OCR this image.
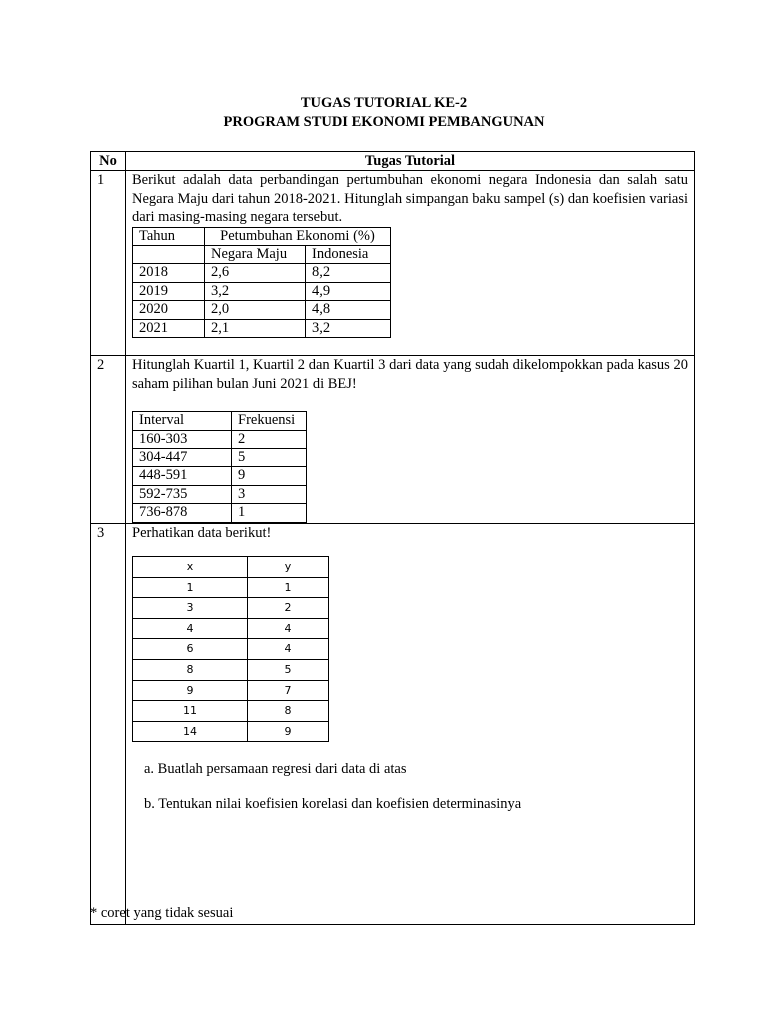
TUGAS TUTORIAL KE-2
PROGRAM STUDI EKONOMI PEMBANGUNAN
No	Tugas Tutorial
1	Berikut adalah data perbandingan pertumbuhan ekonomi negara Indonesia dan salah satu Negara Maju dari tahun 2018-2021. Hitunglah simpangan baku sampel (s) dan koefisien variasi dari masing-masing negara tersebut.

Tahun	Petumbuhan Ekonomi (%)
	Negara Maju	Indonesia
2018	2,6	8,2
2019	3,2	4,9
2020	2,0	4,8
2021	2,1	3,2

2	Hitunglah Kuartil 1, Kuartil 2 dan Kuartil 3 dari data yang sudah dikelompokkan pada kasus 20 saham pilihan bulan Juni 2021 di BEJ!

Interval	Frekuensi
160-303	2
304-447	5
448-591	9
592-735	3
736-878	1

3	Perhatikan data berikut!

x	y
1	1
3	2
4	4
6	4
8	5
9	7
11	8
14	9
a. Buatlah persamaan regresi dari data di atas
b. Tentukan nilai koefisien korelasi dan koefisien determinasinya
* coret yang tidak sesuai
